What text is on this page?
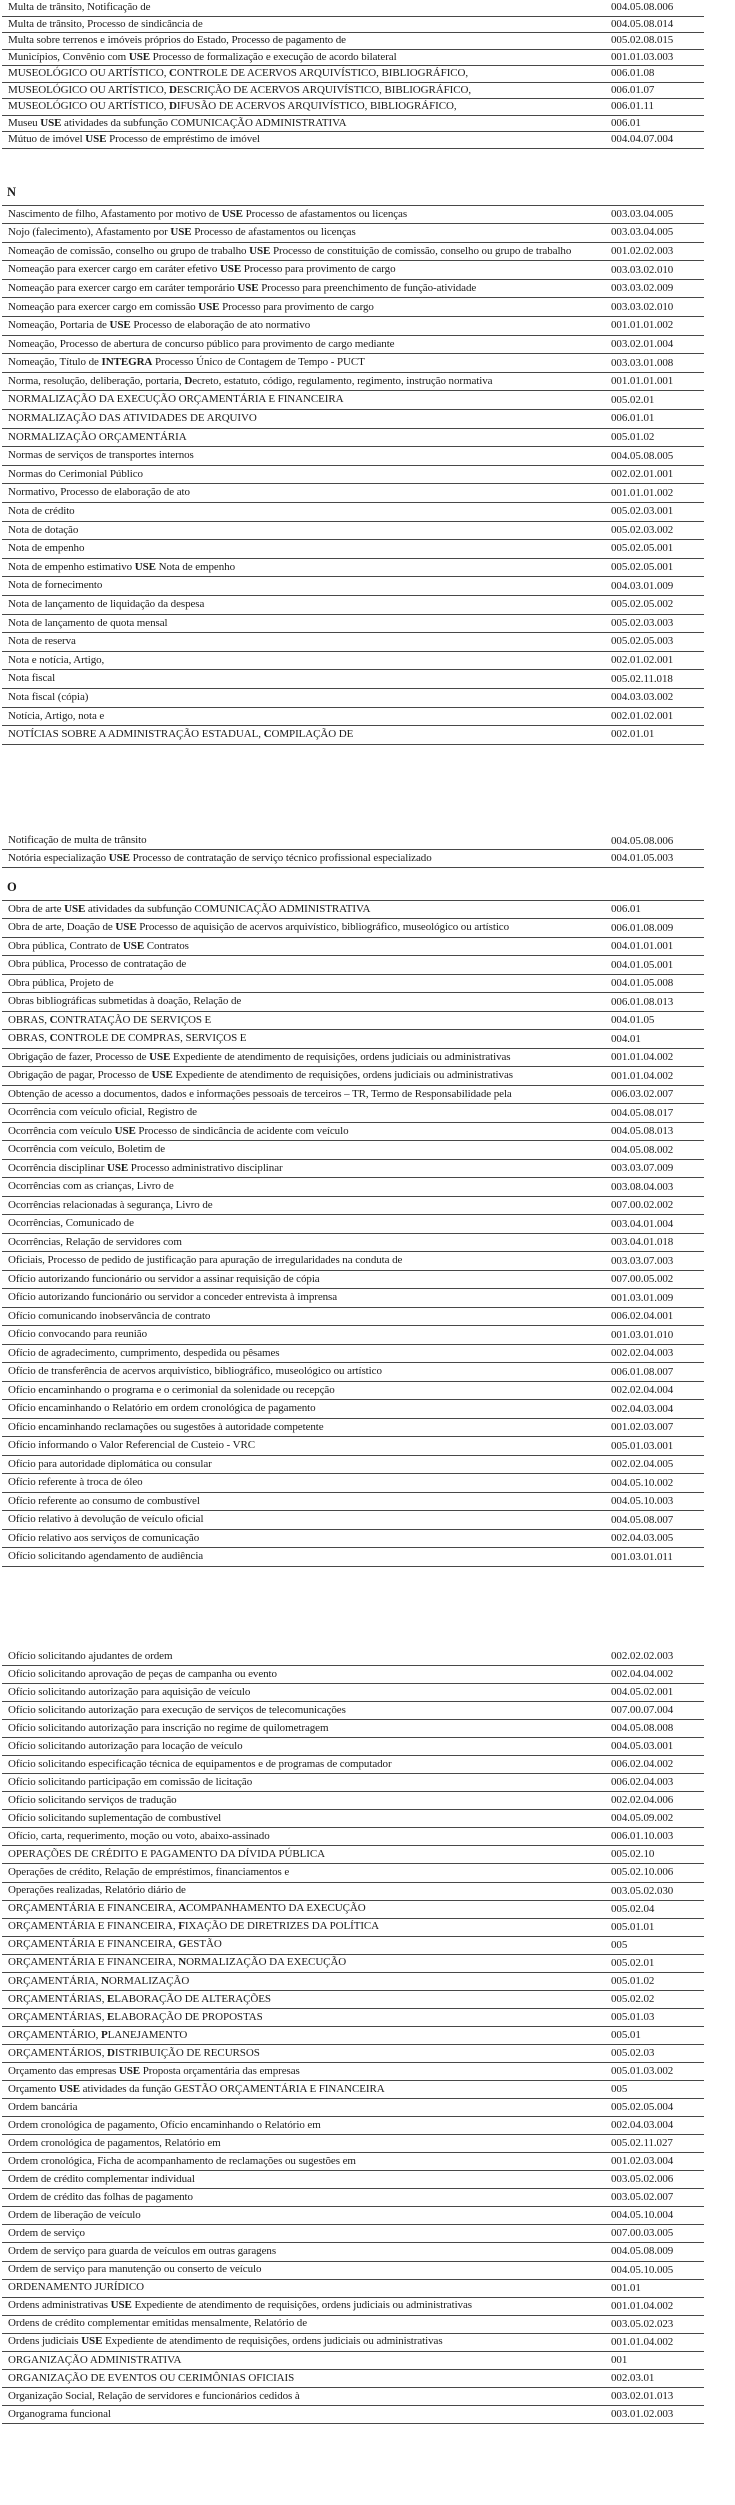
Multa de trânsito, Notificação de	004.05.08.006
Multa de trânsito, Processo de sindicância de	004.05.08.014
Multa sobre terrenos e imóveis próprios do Estado, Processo de pagamento de	005.02.08.015
Municípios, Convênio com USE Processo de formalização e execução de acordo bilateral	001.01.03.003
MUSEOLÓGICO OU ARTÍSTICO, CONTROLE DE ACERVOS ARQUIVÍSTICO, BIBLIOGRÁFICO,	006.01.08
MUSEOLÓGICO OU ARTÍSTICO, DESCRIÇÃO DE ACERVOS ARQUIVÍSTICO, BIBLIOGRÁFICO,	006.01.07
MUSEOLÓGICO OU ARTÍSTICO, DIFUSÃO DE ACERVOS ARQUIVÍSTICO, BIBLIOGRÁFICO,	006.01.11
Museu USE atividades da subfunção COMUNICAÇÃO ADMINISTRATIVA	006.01
Mútuo de imóvel USE Processo de empréstimo de imóvel	004.04.07.004
N
Nascimento de filho, Afastamento por motivo de USE Processo de afastamentos ou licenças	003.03.04.005
Nojo (falecimento), Afastamento por USE Processo de afastamentos ou licenças	003.03.04.005
Nomeação de comissão, conselho ou grupo de trabalho USE Processo de constituição de comissão, conselho ou grupo de trabalho	001.02.02.003
Nomeação para exercer cargo em caráter efetivo USE Processo para provimento de cargo	003.03.02.010
Nomeação para exercer cargo em caráter temporário USE Processo para preenchimento de função-atividade	003.03.02.009
Nomeação para exercer cargo em comissão USE Processo para provimento de cargo	003.03.02.010
Nomeação, Portaria de USE Processo de elaboração de ato normativo	001.01.01.002
Nomeação, Processo de abertura de concurso público para provimento de cargo mediante	003.02.01.004
Nomeação, Título de INTEGRA Processo Único de Contagem de Tempo - PUCT	003.03.01.008
Norma, resolução, deliberação, portaria, Decreto, estatuto, código, regulamento, regimento, instrução normativa	001.01.01.001
NORMALIZAÇÃO DA EXECUÇÃO ORÇAMENTÁRIA E FINANCEIRA	005.02.01
NORMALIZAÇÃO DAS ATIVIDADES DE ARQUIVO	006.01.01
NORMALIZAÇÃO ORÇAMENTÁRIA	005.01.02
Normas de serviços de transportes internos	004.05.08.005
Normas do Cerimonial Público	002.02.01.001
Normativo, Processo de elaboração de ato	001.01.01.002
Nota de crédito	005.02.03.001
Nota de dotação	005.02.03.002
Nota de empenho	005.02.05.001
Nota de empenho estimativo USE Nota de empenho	005.02.05.001
Nota de fornecimento	004.03.01.009
Nota de lançamento de liquidação da despesa	005.02.05.002
Nota de lançamento de quota mensal	005.02.03.003
Nota de reserva	005.02.05.003
Nota e notícia, Artigo,	002.01.02.001
Nota fiscal	005.02.11.018
Nota fiscal (cópia)	004.03.03.002
Notícia, Artigo, nota e	002.01.02.001
NOTÍCIAS SOBRE A ADMINISTRAÇÃO ESTADUAL, COMPILAÇÃO DE	002.01.01
Notificação de multa de trânsito	004.05.08.006
Notória especialização USE Processo de contratação de serviço técnico profissional especializado	004.01.05.003
O
Obra de arte USE atividades da subfunção COMUNICAÇÃO ADMINISTRATIVA	006.01
Obra de arte, Doação de USE Processo de aquisição de acervos arquivístico, bibliográfico, museológico ou artístico	006.01.08.009
Obra pública, Contrato de USE Contratos	004.01.01.001
Obra pública, Processo de contratação de	004.01.05.001
Obra pública, Projeto de	004.01.05.008
Obras bibliográficas submetidas à doação, Relação de	006.01.08.013
OBRAS, CONTRATAÇÃO DE SERVIÇOS E	004.01.05
OBRAS, CONTROLE DE COMPRAS, SERVIÇOS E	004.01
Obrigação de fazer, Processo de USE Expediente de atendimento de requisições, ordens judiciais ou administrativas	001.01.04.002
Obrigação de pagar, Processo de USE Expediente de atendimento de requisições, ordens judiciais ou administrativas	001.01.04.002
Obtenção de acesso a documentos, dados e informações pessoais de terceiros – TR, Termo de Responsabilidade pela	006.03.02.007
Ocorrência com veículo oficial, Registro de	004.05.08.017
Ocorrência com veículo USE Processo de sindicância de acidente com veículo	004.05.08.013
Ocorrência com veículo, Boletim de	004.05.08.002
Ocorrência disciplinar USE Processo administrativo disciplinar	003.03.07.009
Ocorrências com as crianças, Livro de	003.08.04.003
Ocorrências relacionadas à segurança, Livro de	007.00.02.002
Ocorrências, Comunicado de	003.04.01.004
Ocorrências, Relação de servidores com	003.04.01.018
Oficiais, Processo de pedido de justificação para apuração de irregularidades na conduta de	003.03.07.003
Ofício autorizando funcionário ou servidor a assinar requisição de cópia	007.00.05.002
Ofício autorizando funcionário ou servidor a conceder entrevista à imprensa	001.03.01.009
Ofício comunicando inobservância de contrato	006.02.04.001
Ofício convocando para reunião	001.03.01.010
Ofício de agradecimento, cumprimento, despedida ou pêsames	002.02.04.003
Ofício de transferência de acervos arquivístico, bibliográfico, museológico ou artístico	006.01.08.007
Ofício encaminhando o programa e o cerimonial da solenidade ou recepção	002.02.04.004
Ofício encaminhando o Relatório em ordem cronológica de pagamento	002.04.03.004
Ofício encaminhando reclamações ou sugestões à autoridade competente	001.02.03.007
Ofício informando o Valor Referencial de Custeio - VRC	005.01.03.001
Ofício para autoridade diplomática ou consular	002.02.04.005
Ofício referente à troca de óleo	004.05.10.002
Ofício referente ao consumo de combustível	004.05.10.003
Ofício relativo à devolução de veículo oficial	004.05.08.007
Ofício relativo aos serviços de comunicação	002.04.03.005
Ofício solicitando agendamento de audiência	001.03.01.011
Ofício solicitando ajudantes de ordem	002.02.02.003
Ofício solicitando aprovação de peças de campanha ou evento	002.04.04.002
Ofício solicitando autorização para aquisição de veículo	004.05.02.001
Ofício solicitando autorização para execução de serviços de telecomunicações	007.00.07.004
Ofício solicitando autorização para inscrição no regime de quilometragem	004.05.08.008
Ofício solicitando autorização para locação de veículo	004.05.03.001
Ofício solicitando especificação técnica de equipamentos e de programas de computador	006.02.04.002
Ofício solicitando participação em comissão de licitação	006.02.04.003
Ofício solicitando serviços de tradução	002.02.04.006
Ofício solicitando suplementação de combustível	004.05.09.002
Ofício, carta, requerimento, moção ou voto, abaixo-assinado	006.01.10.003
OPERAÇÕES DE CRÉDITO E PAGAMENTO DA DÍVIDA PÚBLICA	005.02.10
Operações de crédito, Relação de empréstimos, financiamentos e	005.02.10.006
Operações realizadas, Relatório diário de	003.05.02.030
ORÇAMENTÁRIA E FINANCEIRA, ACOMPANHAMENTO DA EXECUÇÃO	005.02.04
ORÇAMENTÁRIA E FINANCEIRA, FIXAÇÃO DE DIRETRIZES DA POLÍTICA	005.01.01
ORÇAMENTÁRIA E FINANCEIRA, GESTÃO	005
ORÇAMENTÁRIA E FINANCEIRA, NORMALIZAÇÃO DA EXECUÇÃO	005.02.01
ORÇAMENTÁRIA, NORMALIZAÇÃO	005.01.02
ORÇAMENTÁRIAS, ELABORAÇÃO DE ALTERAÇÕES	005.02.02
ORÇAMENTÁRIAS, ELABORAÇÃO DE PROPOSTAS	005.01.03
ORÇAMENTÁRIO, PLANEJAMENTO	005.01
ORÇAMENTÁRIOS, DISTRIBUIÇÃO DE RECURSOS	005.02.03
Orçamento das empresas USE Proposta orçamentária das empresas	005.01.03.002
Orçamento USE atividades da função GESTÃO ORÇAMENTÁRIA E FINANCEIRA	005
Ordem bancária	005.02.05.004
Ordem cronológica de pagamento, Ofício encaminhando o Relatório em	002.04.03.004
Ordem cronológica de pagamentos, Relatório em	005.02.11.027
Ordem cronológica, Ficha de acompanhamento de reclamações ou sugestões em	001.02.03.004
Ordem de crédito complementar individual	003.05.02.006
Ordem de crédito das folhas de pagamento	003.05.02.007
Ordem de liberação de veículo	004.05.10.004
Ordem de serviço	007.00.03.005
Ordem de serviço para guarda de veículos em outras garagens	004.05.08.009
Ordem de serviço para manutenção ou conserto de veículo	004.05.10.005
ORDENAMENTO JURÍDICO	001.01
Ordens administrativas USE Expediente de atendimento de requisições, ordens judiciais ou administrativas	001.01.04.002
Ordens de crédito complementar emitidas mensalmente, Relatório de	003.05.02.023
Ordens judiciais USE Expediente de atendimento de requisições, ordens judiciais ou administrativas	001.01.04.002
ORGANIZAÇÃO ADMINISTRATIVA	001
ORGANIZAÇÃO DE EVENTOS OU CERIMÔNIAS OFICIAIS	002.03.01
Organização Social, Relação de servidores e funcionários cedidos à	003.02.01.013
Organograma funcional	003.01.02.003
